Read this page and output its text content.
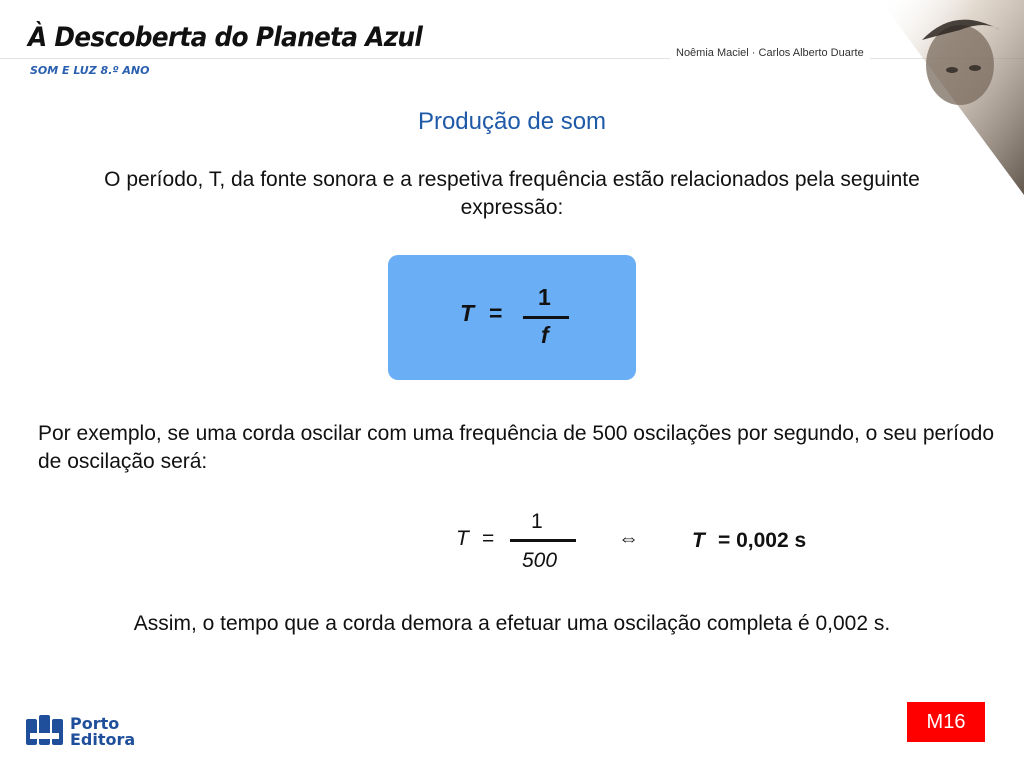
À Descoberta do Planeta Azul
SOM E LUZ 8.º ANO
Noêmia Maciel · Carlos Alberto Duarte
Produção de som
O período, T, da fonte sonora e a respetiva frequência estão relacionados pela seguinte expressão:
T =
1
f
Por exemplo, se uma corda oscilar com uma frequência de 500 oscilações por segundo, o seu período de oscilação será:
T =
1
500
⇔	T = 0,002 s
Assim, o tempo que a corda demora a efetuar uma oscilação completa é 0,002 s.
Porto
Editora
M16
